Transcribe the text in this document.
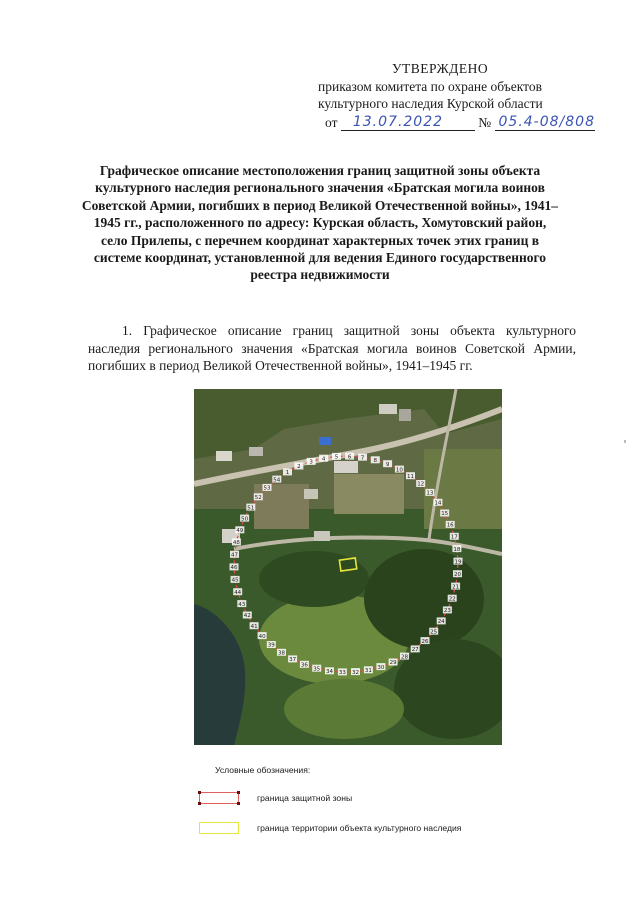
УТВЕРЖДЕНО
приказом комитета по охране объектов
культурного наследия Курской области
от 13.07.2022	№ 05.4-08/808
Графическое описание местоположения границ защитной зоны объекта культурного наследия регионального значения «Братская могила воинов Советской Армии, погибших в период Великой Отечественной войны», 1941–1945 гг., расположенного по адресу: Курская область, Хомутовский район, село Прилепы, с перечнем координат характерных точек этих границ в системе координат, установленной для ведения Единого государственного реестра недвижимости
1. Графическое описание границ защитной зоны объекта культурного наследия регионального значения «Братская могила воинов Советской Армии, погибших в период Великой Отечественной войны», 1941–1945 гг.
1
2
3
4 5 6 7 8
9
10
11
12
13
14
15
16
17
18
19
20
21
22
23
24
25
26
27
28
29
30
31
32
33
34
35
36
37
38
39
40
41
42
43
44
45
46
47
48
49
50
51
52
53
54
Условные обозначения:
граница защитной зоны
граница территории объекта культурного наследия
